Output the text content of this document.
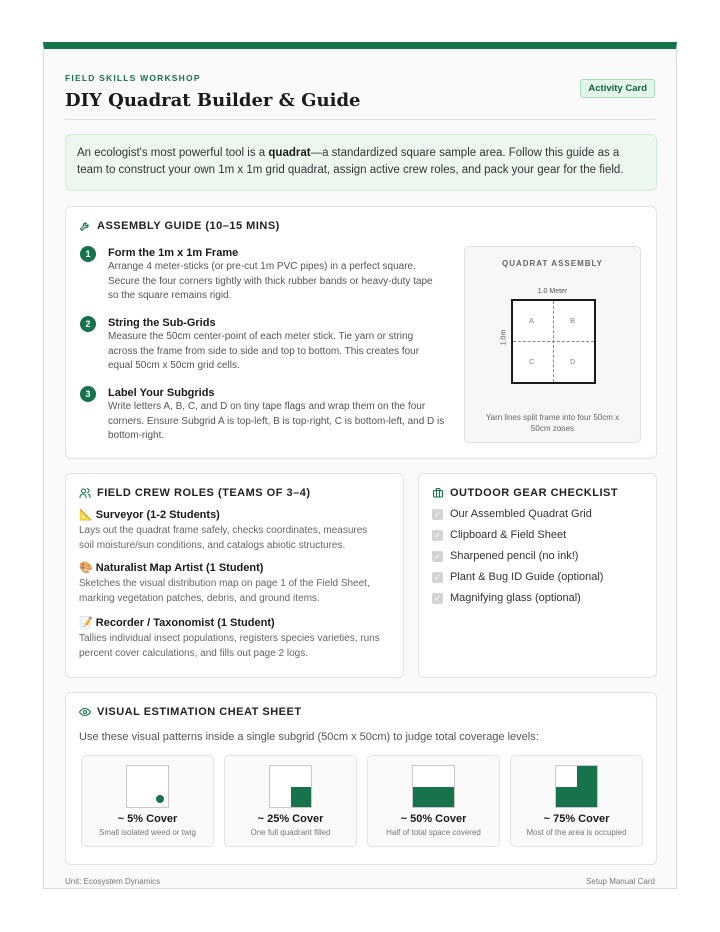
FIELD SKILLS WORKSHOP
DIY Quadrat Builder & Guide
Activity Card
An ecologist's most powerful tool is a quadrat—a standardized square sample area. Follow this guide as a team to construct your own 1m x 1m grid quadrat, assign active crew roles, and pack your gear for the field.
ASSEMBLY GUIDE (10–15 MINS)
1	Form the 1m x 1m Frame
Arrange 4 meter-sticks (or pre-cut 1m PVC pipes) in a perfect square. Secure the four corners tightly with thick rubber bands or heavy-duty tape so the square remains rigid.
2	String the Sub-Grids
Measure the 50cm center-point of each meter stick. Tie yarn or string across the frame from side to side and top to bottom. This creates four equal 50cm x 50cm grid cells.
3	Label Your Subgrids
Write letters A, B, C, and D on tiny tape flags and wrap them on the four corners. Ensure Subgrid A is top-left, B is top-right, C is bottom-left, and D is bottom-right.
QUADRAT ASSEMBLY
1.0 Meter
1.0m
A	B
C	D
Yarn lines split frame into four 50cm x 50cm zones
FIELD CREW ROLES (TEAMS OF 3–4)
📐 Surveyor (1-2 Students)
Lays out the quadrat frame safely, checks coordinates, measures soil moisture/sun conditions, and catalogs abiotic structures.
🎨 Naturalist Map Artist (1 Student)
Sketches the visual distribution map on page 1 of the Field Sheet, marking vegetation patches, debris, and ground items.
📝 Recorder / Taxonomist (1 Student)
Tallies individual insect populations, registers species varieties, runs percent cover calculations, and fills out page 2 logs.
OUTDOOR GEAR CHECKLIST
✓ Our Assembled Quadrat Grid
✓ Clipboard & Field Sheet
✓ Sharpened pencil (no ink!)
✓ Plant & Bug ID Guide (optional)
✓ Magnifying glass (optional)
VISUAL ESTIMATION CHEAT SHEET
Use these visual patterns inside a single subgrid (50cm x 50cm) to judge total coverage levels:
~ 5% Cover
Small isolated weed or twig
~ 25% Cover
One full quadrant filled
~ 50% Cover
Half of total space covered
~ 75% Cover
Most of the area is occupied
Unit: Ecosystem Dynamics	Setup Manual Card
